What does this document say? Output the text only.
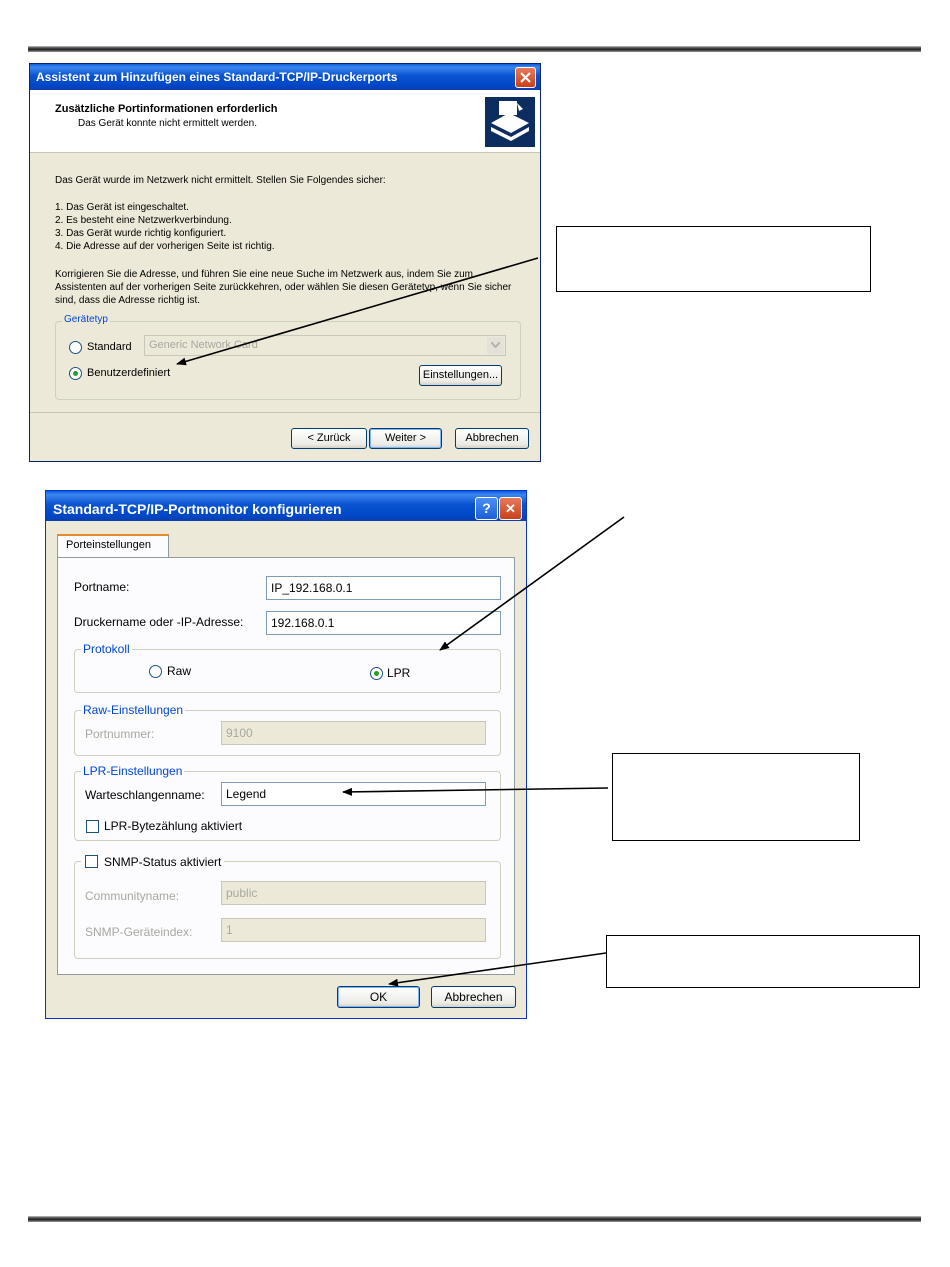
Assistent zum Hinzufügen eines Standard-TCP/IP-Druckerports
Zusätzliche Portinformationen erforderlich
Das Gerät konnte nicht ermittelt werden.
Das Gerät wurde im Netzwerk nicht ermittelt. Stellen Sie Folgendes sicher:
1. Das Gerät ist eingeschaltet.
2. Es besteht eine Netzwerkverbindung.
3. Das Gerät wurde richtig konfiguriert.
4. Die Adresse auf der vorherigen Seite ist richtig.
Korrigieren Sie die Adresse, und führen Sie eine neue Suche im Netzwerk aus, indem Sie zum Assistenten auf der vorherigen Seite zurückkehren, oder wählen Sie diesen Gerätetyp, wenn Sie sicher sind, dass die Adresse richtig ist.
Gerätetyp
Standard	Generic Network Card
Benutzerdefiniert	Einstellungen...
< Zurück	Weiter >	Abbrechen
Standard-TCP/IP-Portmonitor konfigurieren	?	✕
Porteinstellungen
Portname:	IP_192.168.0.1
Druckername oder -IP-Adresse:	192.168.0.1
Protokoll
Raw	LPR
Raw-Einstellungen
Portnummer:	9100
LPR-Einstellungen
Warteschlangenname:	Legend
LPR-Bytezählung aktiviert
SNMP-Status aktiviert
Communityname:	public
SNMP-Geräteindex:	1
OK	Abbrechen
